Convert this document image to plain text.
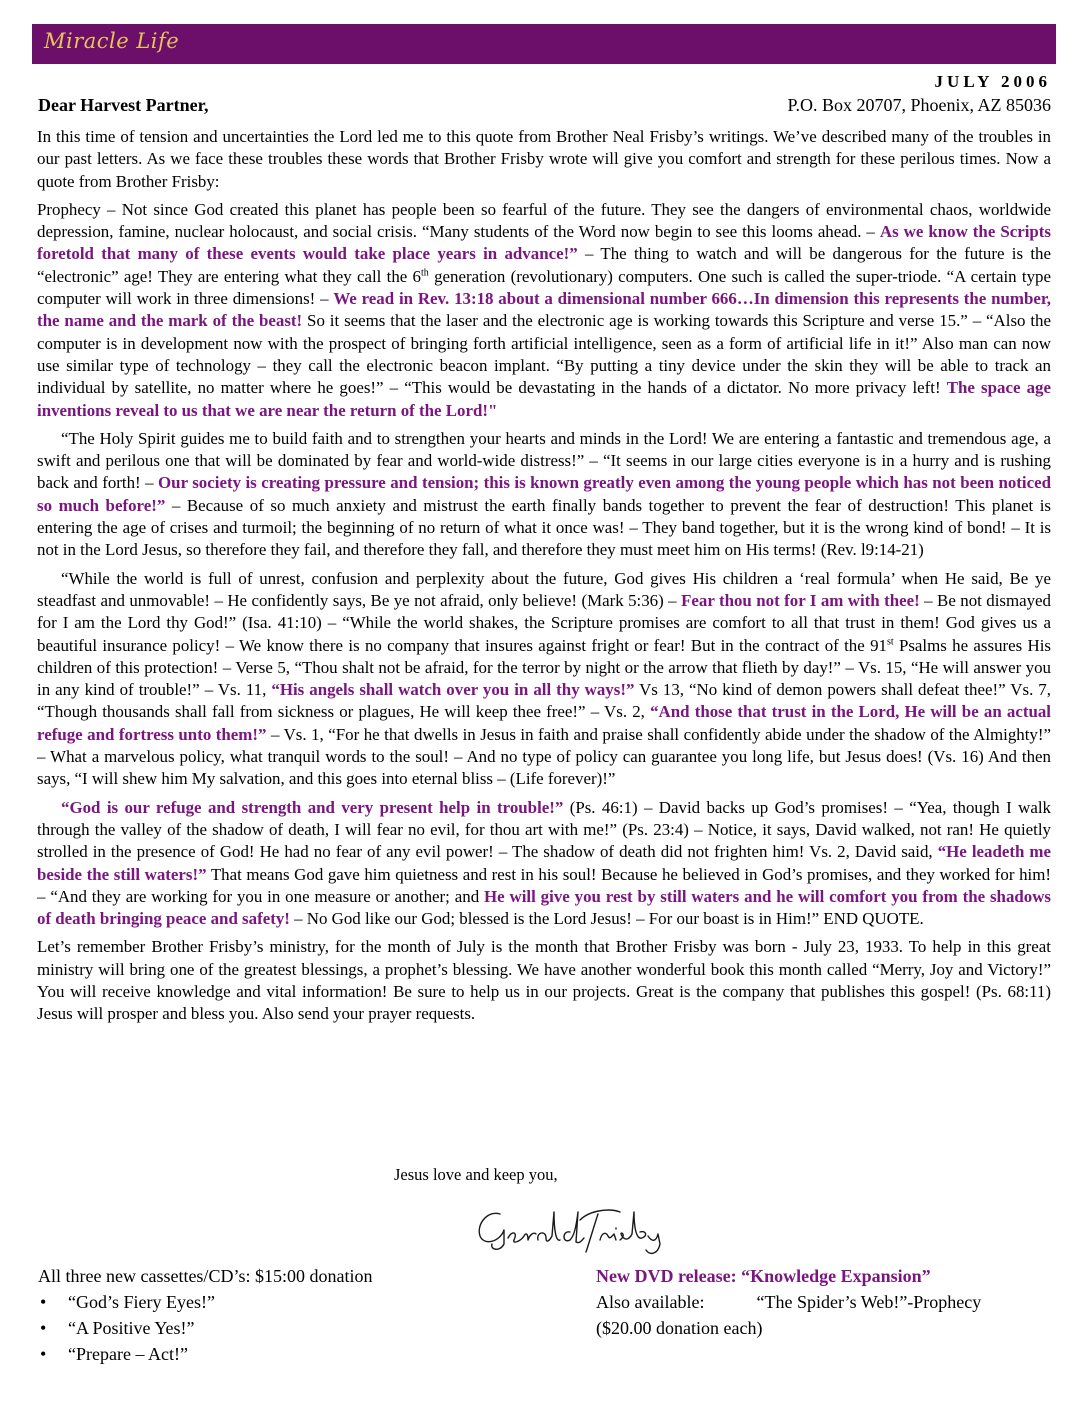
Miracle Life
JULY 2006
Dear Harvest Partner,	P.O. Box 20707, Phoenix, AZ 85036

In this time of tension and uncertainties the Lord led me to this quote from Brother Neal Frisby’s writings. We’ve described many of the troubles in our past letters. As we face these troubles these words that Brother Frisby wrote will give you comfort and strength for these perilous times. Now a quote from Brother Frisby:

Prophecy – Not since God created this planet has people been so fearful of the future. They see the dangers of environmental chaos, worldwide depression, famine, nuclear holocaust, and social crisis. “Many students of the Word now begin to see this looms ahead. – As we know the Scripts foretold that many of these events would take place years in advance!” – The thing to watch and will be dangerous for the future is the “electronic” age! They are entering what they call the 6th generation (revolutionary) computers. One such is called the super-triode. “A certain type computer will work in three dimensions! – We read in Rev. 13:18 about a dimensional number 666…In dimension this represents the number, the name and the mark of the beast! So it seems that the laser and the electronic age is working towards this Scripture and verse 15.” – “Also the computer is in development now with the prospect of bringing forth artificial intelligence, seen as a form of artificial life in it!” Also man can now use similar type of technology – they call the electronic beacon implant. “By putting a tiny device under the skin they will be able to track an individual by satellite, no matter where he goes!” – “This would be devastating in the hands of a dictator. No more privacy left! The space age inventions reveal to us that we are near the return of the Lord!"

“The Holy Spirit guides me to build faith and to strengthen your hearts and minds in the Lord! We are entering a fantastic and tremendous age, a swift and perilous one that will be dominated by fear and world-wide distress!” – “It seems in our large cities everyone is in a hurry and is rushing back and forth! – Our society is creating pressure and tension; this is known greatly even among the young people which has not been noticed so much before!” – Because of so much anxiety and mistrust the earth finally bands together to prevent the fear of destruction! This planet is entering the age of crises and turmoil; the beginning of no return of what it once was! – They band together, but it is the wrong kind of bond! – It is not in the Lord Jesus, so therefore they fail, and therefore they fall, and therefore they must meet him on His terms! (Rev. l9:14-21)

“While the world is full of unrest, confusion and perplexity about the future, God gives His children a ‘real formula’ when He said, Be ye steadfast and unmovable! – He confidently says, Be ye not afraid, only believe! (Mark 5:36) – Fear thou not for I am with thee! – Be not dismayed for I am the Lord thy God!” (Isa. 41:10) – “While the world shakes, the Scripture promises are comfort to all that trust in them! God gives us a beautiful insurance policy! – We know there is no company that insures against fright or fear! But in the contract of the 91st Psalms he assures His children of this protection! – Verse 5, “Thou shalt not be afraid, for the terror by night or the arrow that flieth by day!” – Vs. 15, “He will answer you in any kind of trouble!” – Vs. 11, “His angels shall watch over you in all thy ways!” Vs 13, “No kind of demon powers shall defeat thee!” Vs. 7, “Though thousands shall fall from sickness or plagues, He will keep thee free!” – Vs. 2, “And those that trust in the Lord, He will be an actual refuge and fortress unto them!” – Vs. 1, “For he that dwells in Jesus in faith and praise shall confidently abide under the shadow of the Almighty!” – What a marvelous policy, what tranquil words to the soul! – And no type of policy can guarantee you long life, but Jesus does! (Vs. 16) And then says, “I will shew him My salvation, and this goes into eternal bliss – (Life forever)!”

“God is our refuge and strength and very present help in trouble!” (Ps. 46:1) – David backs up God’s promises! – “Yea, though I walk through the valley of the shadow of death, I will fear no evil, for thou art with me!” (Ps. 23:4) – Notice, it says, David walked, not ran! He quietly strolled in the presence of God! He had no fear of any evil power! – The shadow of death did not frighten him! Vs. 2, David said, “He leadeth me beside the still waters!” That means God gave him quietness and rest in his soul! Because he believed in God’s promises, and they worked for him! – “And they are working for you in one measure or another; and He will give you rest by still waters and he will comfort you from the shadows of death bringing peace and safety! – No God like our God; blessed is the Lord Jesus! – For our boast is in Him!” END QUOTE.

Let’s remember Brother Frisby’s ministry, for the month of July is the month that Brother Frisby was born - July 23, 1933. To help in this great ministry will bring one of the greatest blessings, a prophet’s blessing. We have another wonderful book this month called “Merry, Joy and Victory!” You will receive knowledge and vital information! Be sure to help us in our projects. Great is the company that publishes this gospel! (Ps. 68:11) Jesus will prosper and bless you. Also send your prayer requests.

Jesus love and keep you,
All three new cassettes/CD’s: $15:00 donation
• “God’s Fiery Eyes!”
• “A Positive Yes!”
• “Prepare – Act!”
New DVD release: “Knowledge Expansion”
Also available:	“The Spider’s Web!”-Prophecy
($20.00 donation each)
